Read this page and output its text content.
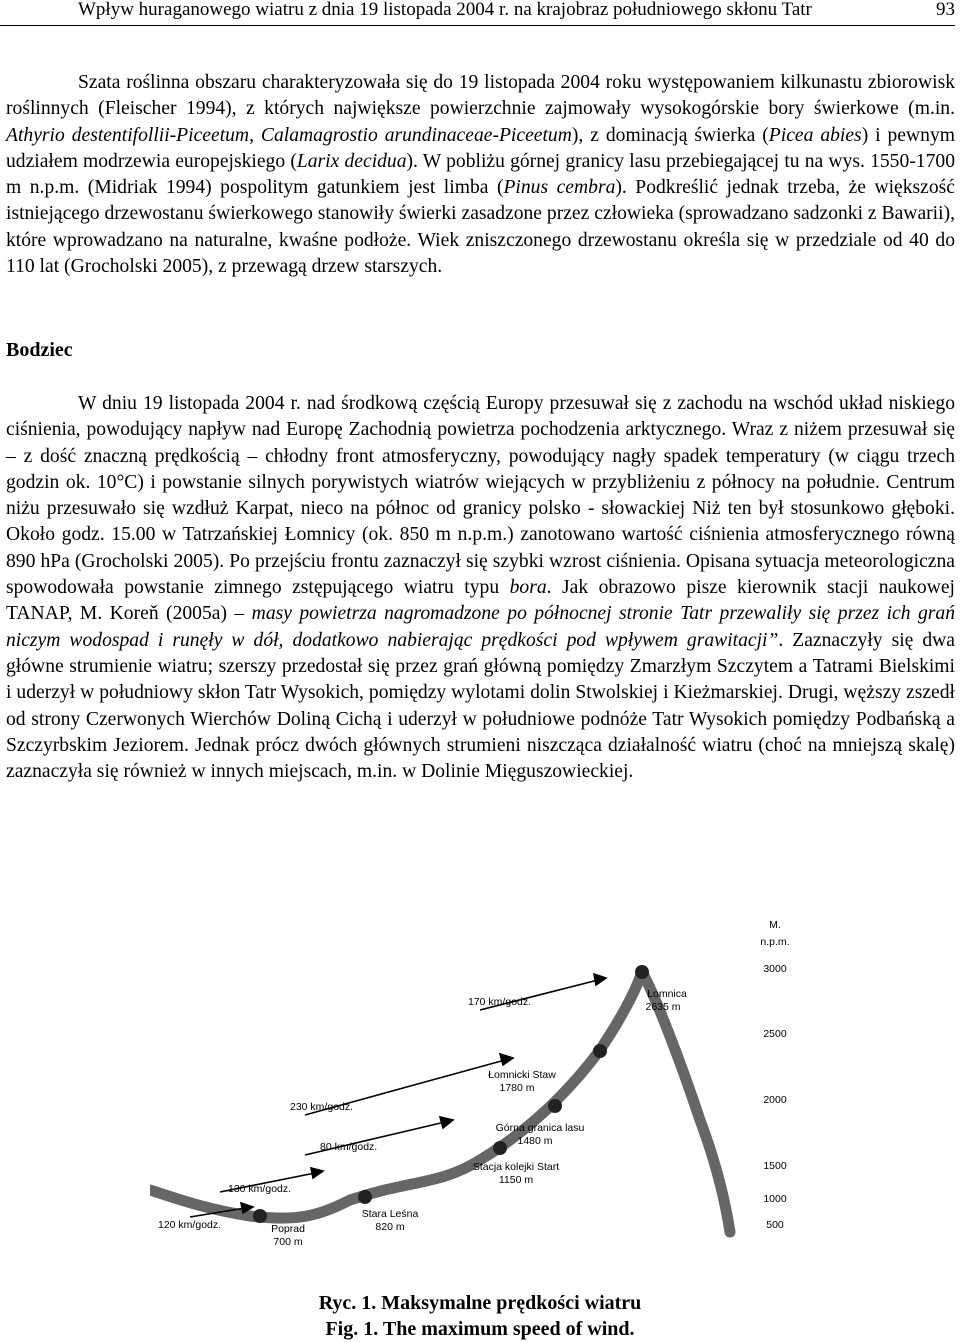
Wpływ huraganowego wiatru z dnia 19 listopada 2004 r. na krajobraz południowego skłonu Tatr	93

Szata roślinna obszaru charakteryzowała się do 19 listopada 2004 roku występowaniem kilkunastu zbiorowisk roślinnych (Fleischer 1994), z których największe powierzchnie zajmowały wysokogórskie bory świerkowe (m.in. Athyrio destentifollii-Piceetum, Calamagrostio arundinaceae-Piceetum), z dominacją świerka (Picea abies) i pewnym udziałem modrzewia europejskiego (Larix decidua). W pobliżu górnej granicy lasu przebiegającej tu na wys. 1550-1700 m n.p.m. (Midriak 1994) pospolitym gatunkiem jest limba (Pinus cembra). Podkreślić jednak trzeba, że większość istniejącego drzewostanu świerkowego stanowiły świerki zasadzone przez człowieka (sprowadzano sadzonki z Bawarii), które wprowadzano na naturalne, kwaśne podłoże. Wiek zniszczonego drzewostanu określa się w przedziale od 40 do 110 lat (Grocholski 2005), z przewagą drzew starszych.

Bodziec

W dniu 19 listopada 2004 r. nad środkową częścią Europy przesuwał się z zachodu na wschód układ niskiego ciśnienia, powodujący napływ nad Europę Zachodnią powietrza pochodzenia arktycznego. Wraz z niżem przesuwał się – z dość znaczną prędkością – chłodny front atmosferyczny, powodujący nagły spadek temperatury (w ciągu trzech godzin ok. 10°C) i powstanie silnych porywistych wiatrów wiejących w przybliżeniu z północy na południe. Centrum niżu przesuwało się wzdłuż Karpat, nieco na północ od granicy polsko - słowackiej Niż ten był stosunkowo głęboki. Około godz. 15.00 w Tatrzańskiej Łomnicy (ok. 850 m n.p.m.) zanotowano wartość ciśnienia atmosferycznego równą 890 hPa (Grocholski 2005). Po przejściu frontu zaznaczył się szybki wzrost ciśnienia. Opisana sytuacja meteorologiczna spowodowała powstanie zimnego zstępującego wiatru typu bora. Jak obrazowo pisze kierownik stacji naukowej TANAP, M. Koreň (2005a) – masy powietrza nagromadzone po północnej stronie Tatr przewaliły się przez ich grań niczym wodospad i runęły w dół, dodatkowo nabierając prędkości pod wpływem grawitacji”. Zaznaczyły się dwa główne strumienie wiatru; szerszy przedostał się przez grań główną pomiędzy Zmarzłym Szczytem a Tatrami Bielskimi i uderzył w południowy skłon Tatr Wysokich, pomiędzy wylotami dolin Stwolskiej i Kieżmarskiej. Drugi, węższy zszedł od strony Czerwonych Wierchów Doliną Cichą i uderzył w południowe podnóże Tatr Wysokich pomiędzy Podbańską a Szczyrbskim Jeziorem. Jednak prócz dwóch głównych strumieni niszcząca działalność wiatru (choć na mniejszą skalę) zaznaczyła się również w innych miejscach, m.in. w Dolinie Mięguszowieckiej.

M.
n.p.m.
3000
2500
2000
1500
1000
500
Łomnica
2635 m
Łomnicki Staw
1780 m
Górna granica lasu
1480 m
Stacja kolejki Start
1150 m
Stara Leśna
820 m
Poprad
700 m
170 km/godz.
230 km/godz.
80 km/godz.
130 km/godz.
120 km/godz.
Ryc. 1. Maksymalne prędkości wiatru
Fig. 1. The maximum speed of wind.
